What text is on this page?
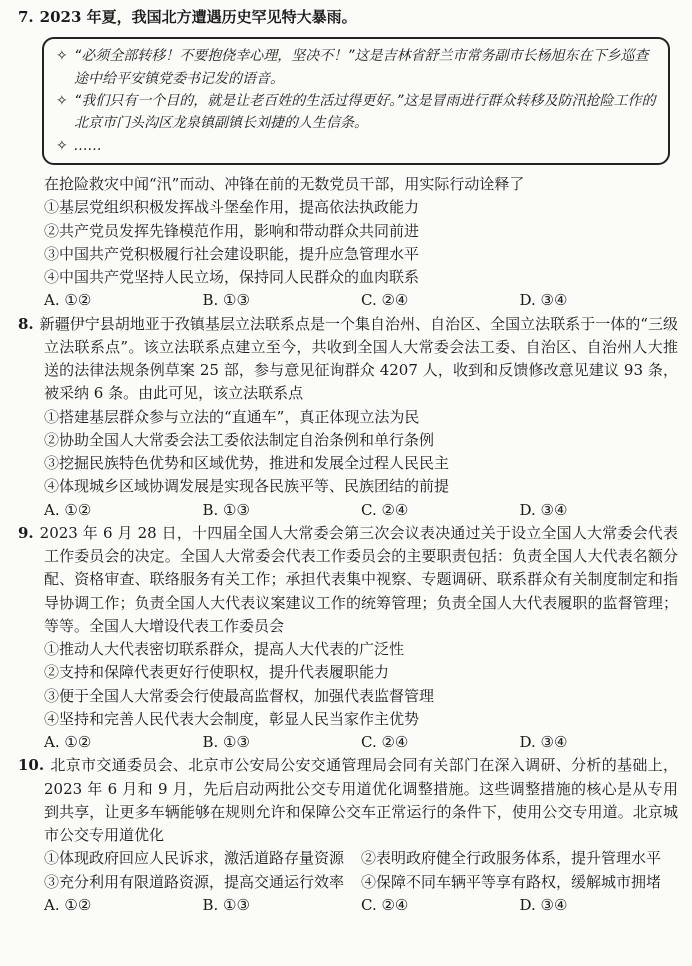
7. 2023 年夏，我国北方遭遇历史罕见特大暴雨。

✧ “必须全部转移！不要抱侥幸心理，坚决不！”这是吉林省舒兰市常务副市长杨旭东在下乡巡查途中给平安镇党委书记发的语音。
✧ “我们只有一个目的，就是让老百姓的生活过得更好。”这是冒雨进行群众转移及防汛抢险工作的北京市门头沟区龙泉镇副镇长刘捷的人生信条。
✧ ……

在抢险救灾中闻“汛”而动、冲锋在前的无数党员干部，用实际行动诠释了

①基层党组织积极发挥战斗堡垒作用，提高依法执政能力

②共产党员发挥先锋模范作用，影响和带动群众共同前进

③中国共产党积极履行社会建设职能，提升应急管理水平

④中国共产党坚持人民立场，保持同人民群众的血肉联系

A. ①②	B. ①③	C. ②④	D. ③④

8. 新疆伊宁县胡地亚于孜镇基层立法联系点是一个集自治州、自治区、全国立法联系于一体的“三级立法联系点”。该立法联系点建立至今，共收到全国人大常委会法工委、自治区、自治州人大推送的法律法规条例草案 25 部，参与意见征询群众 4207 人，收到和反馈修改意见建议 93 条，被采纳 6 条。由此可见，该立法联系点

①搭建基层群众参与立法的“直通车”，真正体现立法为民

②协助全国人大常委会法工委依法制定自治条例和单行条例

③挖掘民族特色优势和区域优势，推进和发展全过程人民民主

④体现城乡区域协调发展是实现各民族平等、民族团结的前提

A. ①②	B. ①③	C. ②④	D. ③④

9. 2023 年 6 月 28 日，十四届全国人大常委会第三次会议表决通过关于设立全国人大常委会代表工作委员会的决定。全国人大常委会代表工作委员会的主要职责包括：负责全国人大代表名额分配、资格审查、联络服务有关工作；承担代表集中视察、专题调研、联系群众有关制度制定和指导协调工作；负责全国人大代表议案建议工作的统筹管理；负责全国人大代表履职的监督管理；等等。全国人大增设代表工作委员会

①推动人大代表密切联系群众，提高人大代表的广泛性

②支持和保障代表更好行使职权，提升代表履职能力

③便于全国人大常委会行使最高监督权，加强代表监督管理

④坚持和完善人民代表大会制度，彰显人民当家作主优势

A. ①②	B. ①③	C. ②④	D. ③④

10. 北京市交通委员会、北京市公安局公安交通管理局会同有关部门在深入调研、分析的基础上，2023 年 6 月和 9 月，先后启动两批公交专用道优化调整措施。这些调整措施的核心是从专用到共享，让更多车辆能够在规则允许和保障公交车正常运行的条件下，使用公交专用道。北京城市公交专用道优化

①体现政府回应人民诉求，激活道路存量资源	②表明政府健全行政服务体系，提升管理水平
③充分利用有限道路资源，提高交通运行效率	④保障不同车辆平等享有路权，缓解城市拥堵
A. ①②	B. ①③	C. ②④	D. ③④
